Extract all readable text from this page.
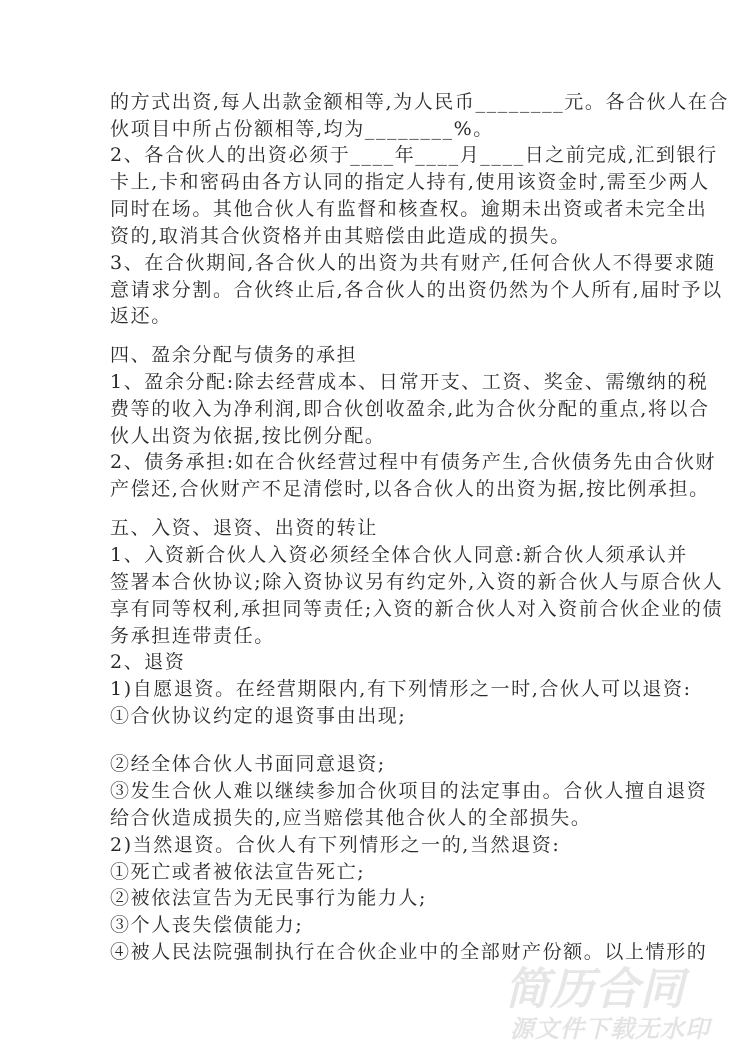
的方式出资,每人出款金额相等,为人民币________元。各合伙人在合
伙项目中所占份额相等,均为________%。
2、各合伙人的出资必须于____年____月____日之前完成,汇到银行
卡上,卡和密码由各方认同的指定人持有,使用该资金时,需至少两人
同时在场。其他合伙人有监督和核查权。逾期未出资或者未完全出
资的,取消其合伙资格并由其赔偿由此造成的损失。
3、在合伙期间,各合伙人的出资为共有财产,任何合伙人不得要求随
意请求分割。合伙终止后,各合伙人的出资仍然为个人所有,届时予以
返还。
四、盈余分配与债务的承担
1、盈余分配:除去经营成本、日常开支、工资、奖金、需缴纳的税
费等的收入为净利润,即合伙创收盈余,此为合伙分配的重点,将以合
伙人出资为依据,按比例分配。
2、债务承担:如在合伙经营过程中有债务产生,合伙债务先由合伙财
产偿还,合伙财产不足清偿时,以各合伙人的出资为据,按比例承担。
五、入资、退资、出资的转让
1、入资新合伙人入资必须经全体合伙人同意:新合伙人须承认并
签署本合伙协议;除入资协议另有约定外,入资的新合伙人与原合伙人
享有同等权利,承担同等责任;入资的新合伙人对入资前合伙企业的债
务承担连带责任。
2、退资
1)自愿退资。在经营期限内,有下列情形之一时,合伙人可以退资:
①合伙协议约定的退资事由出现;
②经全体合伙人书面同意退资;
③发生合伙人难以继续参加合伙项目的法定事由。合伙人擅自退资
给合伙造成损失的,应当赔偿其他合伙人的全部损失。
2)当然退资。合伙人有下列情形之一的,当然退资:
①死亡或者被依法宣告死亡;
②被依法宣告为无民事行为能力人;
③个人丧失偿债能力;
④被人民法院强制执行在合伙企业中的全部财产份额。以上情形的
简历合同
源文件下载无水印
